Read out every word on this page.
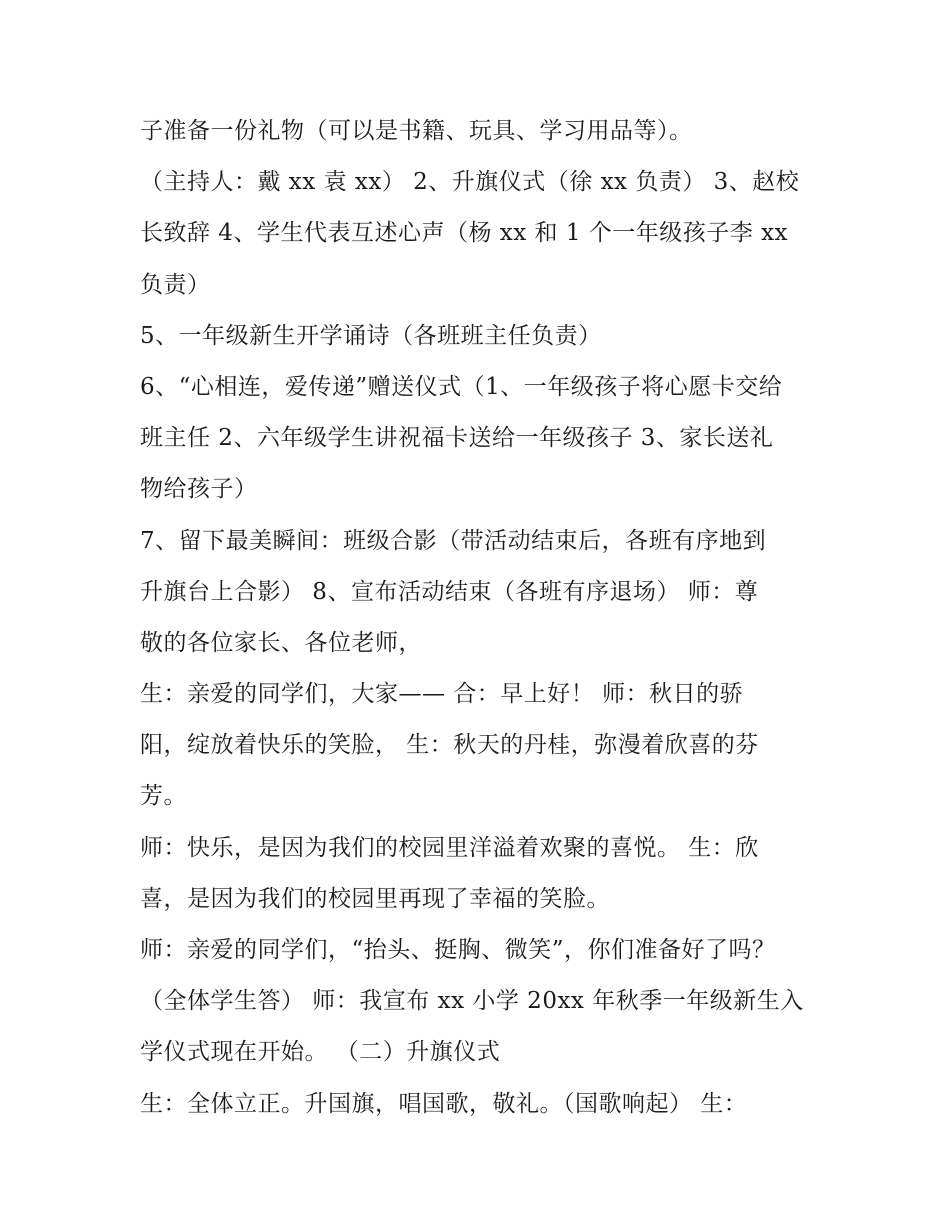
子准备一份礼物（可以是书籍、玩具、学习用品等）。
（主持人：戴 xx 袁 xx） 2、升旗仪式（徐 xx 负责） 3、赵校
长致辞 4、学生代表互述心声（杨 xx 和 1 个一年级孩子李 xx
负责）
5、一年级新生开学诵诗（各班班主任负责）
6、“心相连，爱传递”赠送仪式（1、一年级孩子将心愿卡交给
班主任 2、六年级学生讲祝福卡送给一年级孩子 3、家长送礼
物给孩子）
7、留下最美瞬间：班级合影（带活动结束后，各班有序地到
升旗台上合影） 8、宣布活动结束（各班有序退场） 师：尊
敬的各位家长、各位老师，
生：亲爱的同学们，大家—— 合：早上好！ 师：秋日的骄
阳，绽放着快乐的笑脸， 生：秋天的丹桂，弥漫着欣喜的芬
芳。
师：快乐，是因为我们的校园里洋溢着欢聚的喜悦。 生：欣
喜，是因为我们的校园里再现了幸福的笑脸。
师：亲爱的同学们，“抬头、挺胸、微笑”，你们准备好了吗？
（全体学生答） 师：我宣布 xx 小学 20xx 年秋季一年级新生入
学仪式现在开始。 （二）升旗仪式
生：全体立正。升国旗，唱国歌，敬礼。（国歌响起） 生：
